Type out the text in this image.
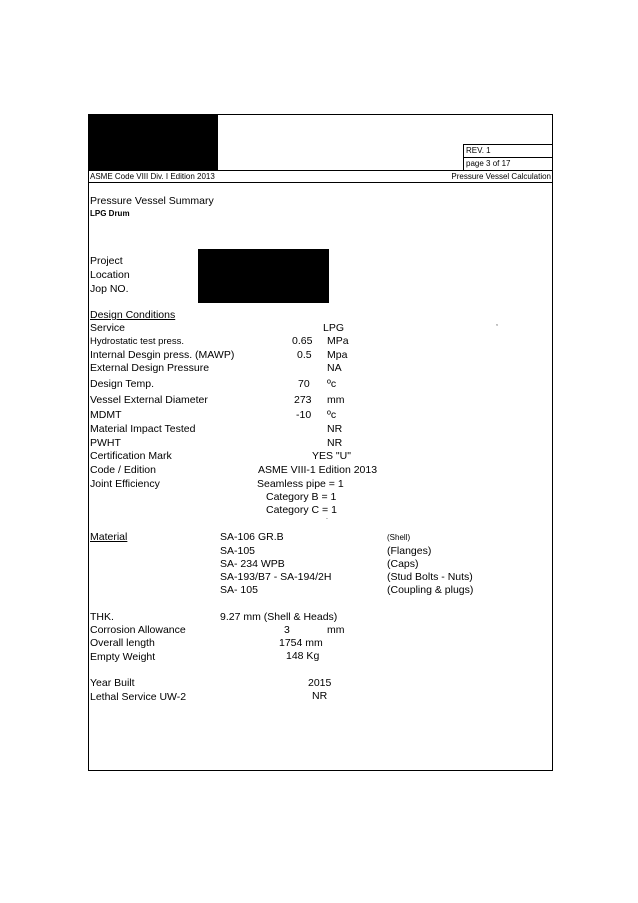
REV. 1
page 3 of 17
ASME Code VIII Div. I Edition 2013	Pressure Vessel Calculation
Pressure Vessel Summary
LPG Drum
Project
Location
Jop NO.
Design Conditions
Service	LPG	,
Hydrostatic test press.	0.65 MPa
Internal Desgin press. (MAWP)	0.5 Mpa
External Design Pressure	NA
Design Temp.	70 ºc
Vessel External Diameter	273 mm
MDMT	-10 ºc
Material Impact Tested	NR
PWHT	NR
Certification Mark	YES "U"
Code / Edition	ASME VIII-1 Edition 2013
Joint Efficiency	Seamless pipe = 1
Category B = 1
Category C = 1
.
Material	SA-106 GR.B	(Shell)
SA-105	(Flanges)
SA- 234 WPB	(Caps)
SA-193/B7 - SA-194/2H	(Stud Bolts - Nuts)
SA- 105	(Coupling & plugs)
THK.	9.27 mm (Shell & Heads)
Corrosion Allowance	3	mm
Overall length	1754 mm
Empty Weight	148 Kg
Year Built	2015
Lethal Service UW-2	NR
